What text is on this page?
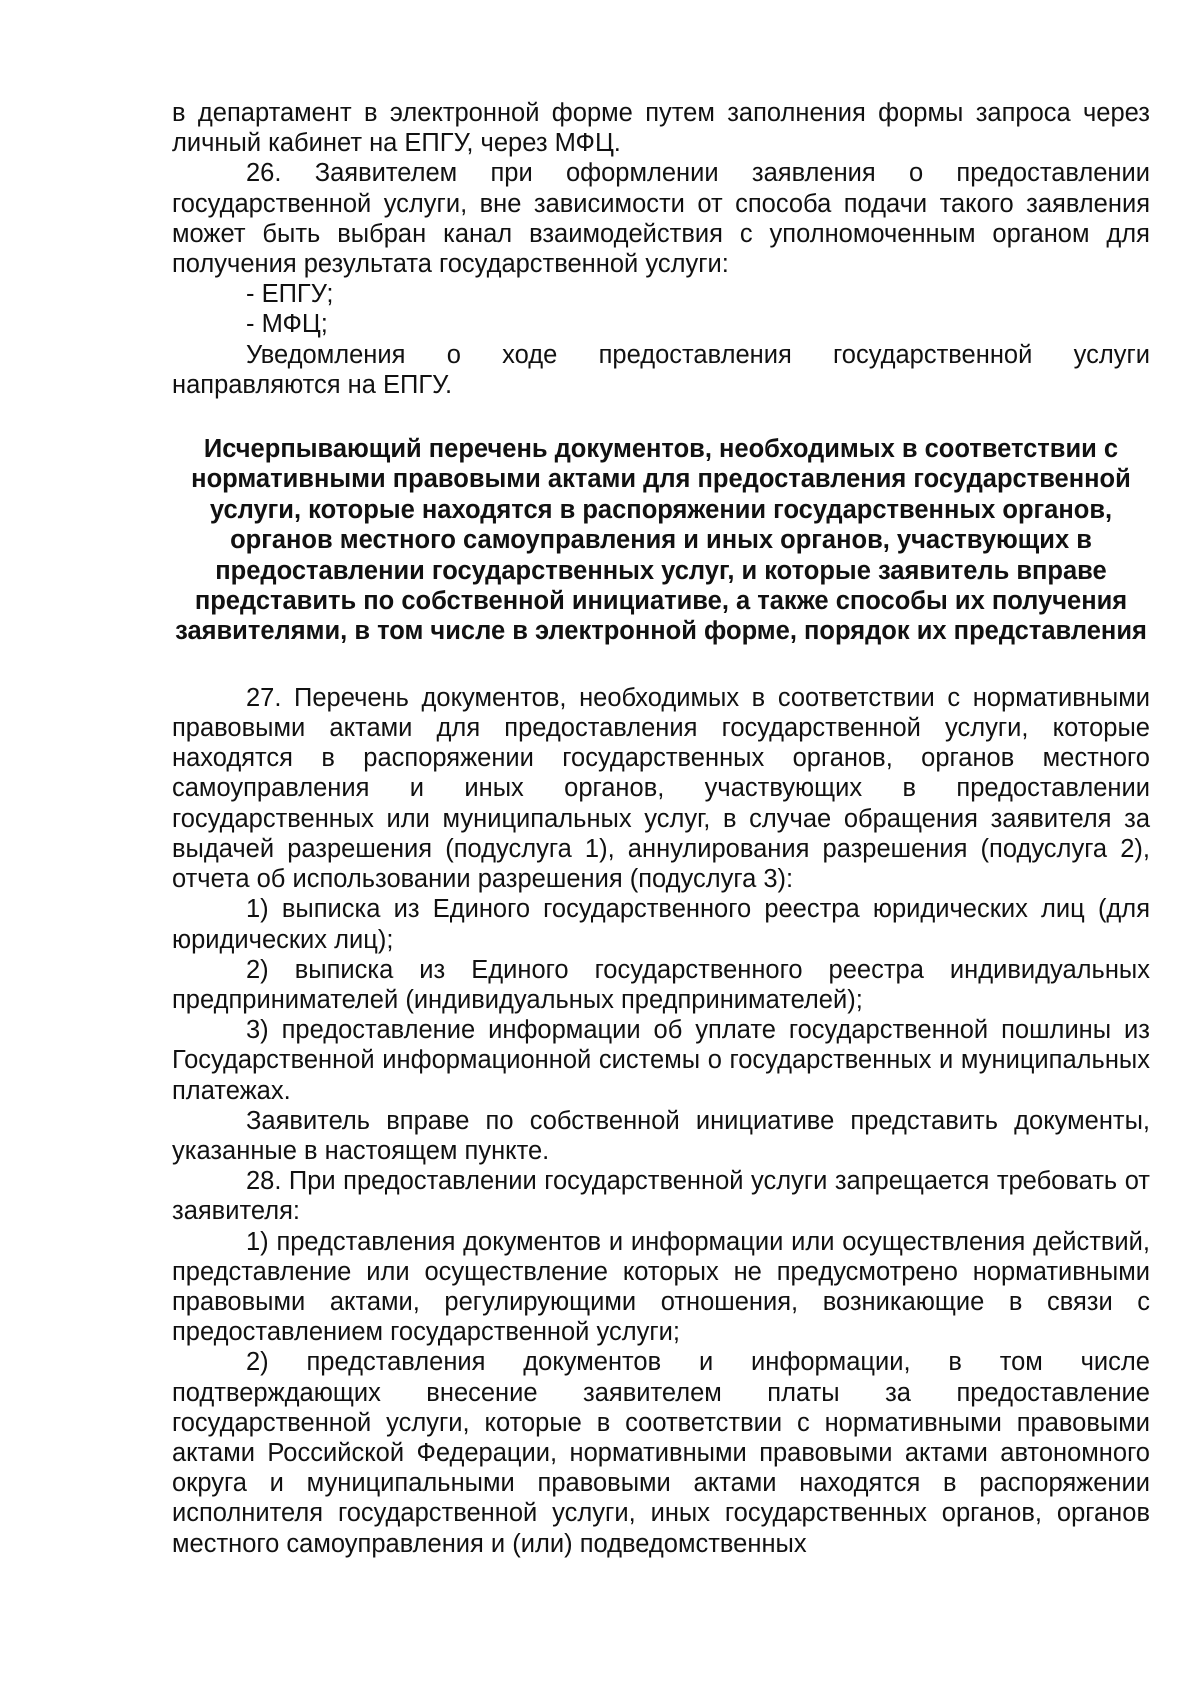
в департамент в электронной форме путем заполнения формы запроса через личный кабинет на ЕПГУ, через МФЦ.

26. Заявителем при оформлении заявления о предоставлении государственной услуги, вне зависимости от способа подачи такого заявления может быть выбран канал взаимодействия с уполномоченным органом для получения результата государственной услуги:

- ЕПГУ;

- МФЦ;

Уведомления о ходе предоставления государственной услуги направляются на ЕПГУ.

Исчерпывающий перечень документов, необходимых в соответствии с нормативными правовыми актами для предоставления государственной услуги, которые находятся в распоряжении государственных органов, органов местного самоуправления и иных органов, участвующих в предоставлении государственных услуг, и которые заявитель вправе представить по собственной инициативе, а также способы их получения заявителями, в том числе в электронной форме, порядок их представления

27. Перечень документов, необходимых в соответствии с нормативными правовыми актами для предоставления государственной услуги, которые находятся в распоряжении государственных органов, органов местного самоуправления и иных органов, участвующих в предоставлении государственных или муниципальных услуг, в случае обращения заявителя за выдачей разрешения (подуслуга 1), аннулирования разрешения (подуслуга 2), отчета об использовании разрешения (подуслуга 3):

1) выписка из Единого государственного реестра юридических лиц (для юридических лиц);

2) выписка из Единого государственного реестра индивидуальных предпринимателей (индивидуальных предпринимателей);

3) предоставление информации об уплате государственной пошлины из Государственной информационной системы о государственных и муниципальных платежах.

Заявитель вправе по собственной инициативе представить документы, указанные в настоящем пункте.

28. При предоставлении государственной услуги запрещается требовать от заявителя:

1) представления документов и информации или осуществления действий, представление или осуществление которых не предусмотрено нормативными правовыми актами, регулирующими отношения, возникающие в связи с предоставлением государственной услуги;

2) представления документов и информации, в том числе подтверждающих внесение заявителем платы за предоставление государственной услуги, которые в соответствии с нормативными правовыми актами Российской Федерации, нормативными правовыми актами автономного округа и муниципальными правовыми актами находятся в распоряжении исполнителя государственной услуги, иных государственных органов, органов местного самоуправления и (или) подведомственных
